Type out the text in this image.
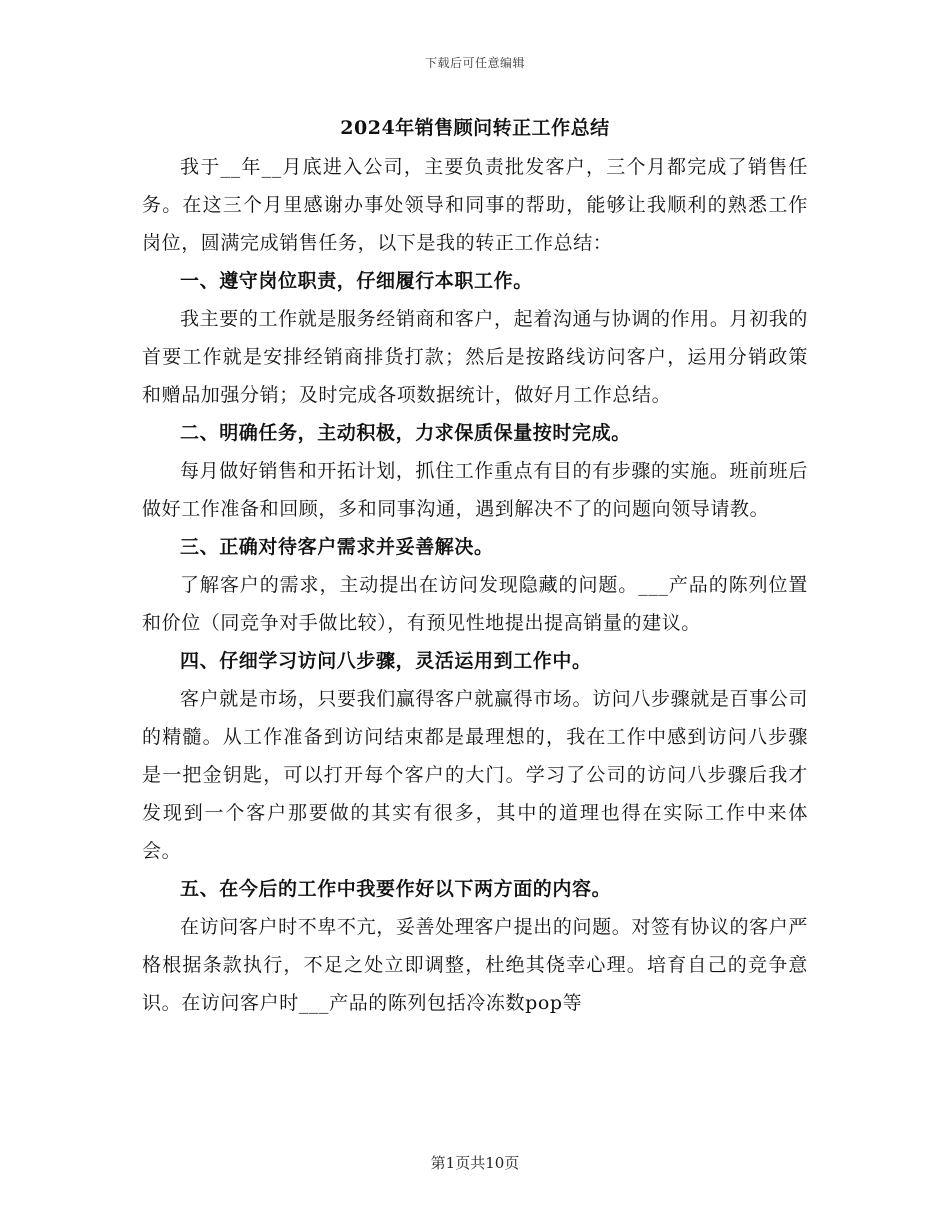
下载后可任意编辑
2024年销售顾问转正工作总结

我于__年__月底进入公司，主要负责批发客户，三个月都完成了销售任务。在这三个月里感谢办事处领导和同事的帮助，能够让我顺利的熟悉工作岗位，圆满完成销售任务，以下是我的转正工作总结：

一、遵守岗位职责，仔细履行本职工作。

我主要的工作就是服务经销商和客户，起着沟通与协调的作用。月初我的首要工作就是安排经销商排货打款；然后是按路线访问客户，运用分销政策和赠品加强分销；及时完成各项数据统计，做好月工作总结。

二、明确任务，主动积极，力求保质保量按时完成。

每月做好销售和开拓计划，抓住工作重点有目的有步骤的实施。班前班后做好工作准备和回顾，多和同事沟通，遇到解决不了的问题向领导请教。

三、正确对待客户需求并妥善解决。

了解客户的需求，主动提出在访问发现隐藏的问题。___产品的陈列位置和价位（同竞争对手做比较），有预见性地提出提高销量的建议。

四、仔细学习访问八步骤，灵活运用到工作中。

客户就是市场，只要我们赢得客户就赢得市场。访问八步骤就是百事公司的精髓。从工作准备到访问结束都是最理想的，我在工作中感到访问八步骤是一把金钥匙，可以打开每个客户的大门。学习了公司的访问八步骤后我才发现到一个客户那要做的其实有很多，其中的道理也得在实际工作中来体会。

五、在今后的工作中我要作好以下两方面的内容。

在访问客户时不卑不亢，妥善处理客户提出的问题。对签有协议的客户严格根据条款执行，不足之处立即调整，杜绝其侥幸心理。培育自己的竞争意识。在访问客户时___产品的陈列包括冷冻数pop等

第1页共10页
